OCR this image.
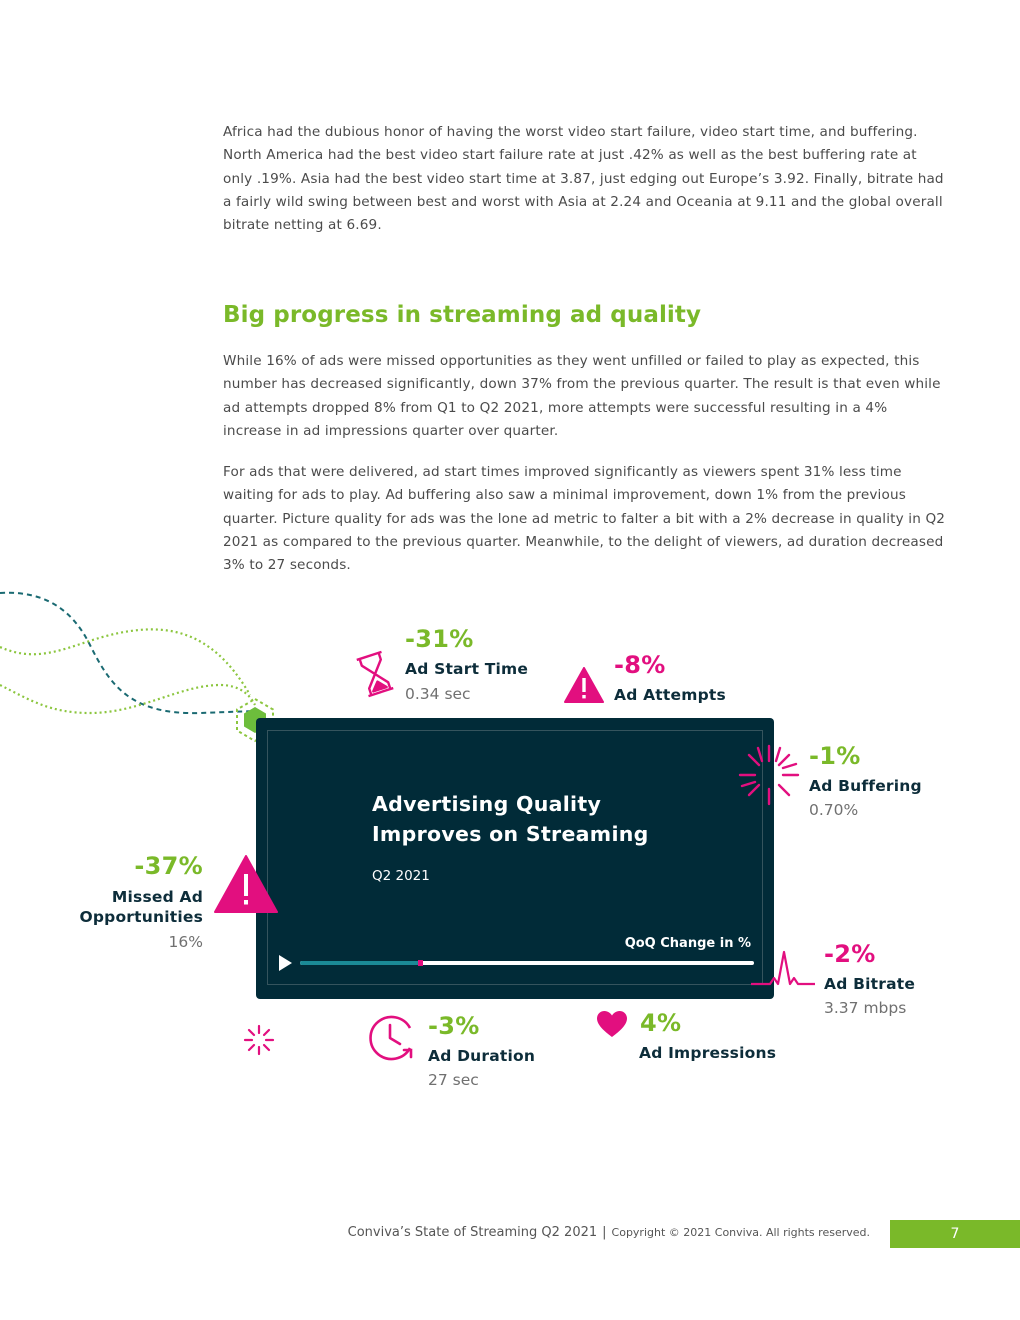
Africa had the dubious honor of having the worst video start failure, video start time, and buffering. North America had the best video start failure rate at just .42% as well as the best buffering rate at only .19%. Asia had the best video start time at 3.87, just edging out Europe’s 3.92. Finally, bitrate had a fairly wild swing between best and worst with Asia at 2.24 and Oceania at 9.11 and the global overall bitrate netting at 6.69.

Big progress in streaming ad quality

While 16% of ads were missed opportunities as they went unfilled or failed to play as expected, this number has decreased significantly, down 37% from the previous quarter. The result is that even while ad attempts dropped 8% from Q1 to Q2 2021, more attempts were successful resulting in a 4% increase in ad impressions quarter over quarter.

For ads that were delivered, ad start times improved significantly as viewers spent 31% less time waiting for ads to play. Ad buffering also saw a minimal improvement, down 1% from the previous quarter. Picture quality for ads was the lone ad metric to falter a bit with a 2% decrease in quality in Q2 2021 as compared to the previous quarter. Meanwhile, to the delight of viewers, ad duration decreased 3% to 27 seconds.

Advertising Quality Improves on Streaming
Q2 2021
QoQ Change in %
-31%
Ad Start Time
0.34 sec
-8%
Ad Attempts
-1%
Ad Buffering
0.70%
-37%
Missed Ad
Opportunities
16%	-2%
Ad Bitrate
3.37 mbps
-3%
Ad Duration
27 sec
4%
Ad Impressions
Conviva’s State of Streaming Q2 2021 | Copyright © 2021 Conviva. All rights reserved.	7
